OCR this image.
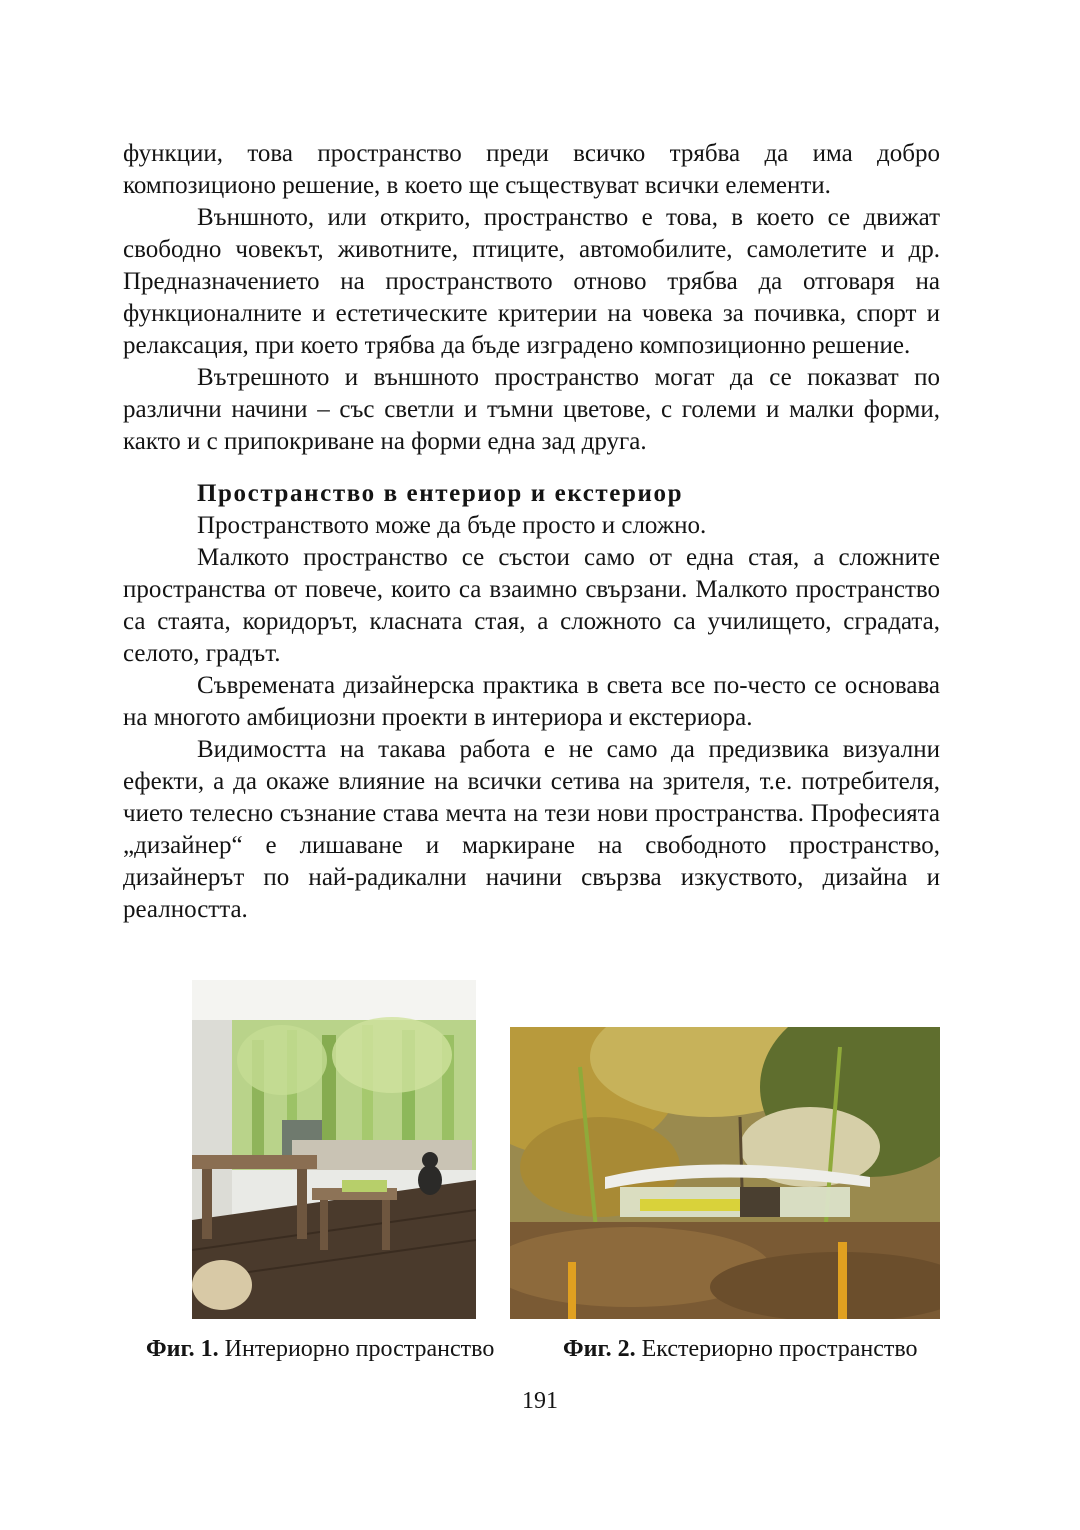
функции, това пространство преди всичко трябва да има добро композиционо решение, в което ще съществуват всички елементи.

Външното, или открито, пространство е това, в което се движат свободно човекът, животните, птиците, автомобилите, самолетите и др. Предназначението на пространството отново трябва да отговаря на функционалните и естетическите критерии на човека за почивка, спорт и релаксация, при което трябва да бъде изградено композиционно решение.

Вътрешното и външното пространство могат да се показват по различни начини – със светли и тъмни цветове, с големи и малки форми, както и с припокриване на форми една зад друга.

Пространство в ентериор и екстериор

Пространството може да бъде просто и сложно.

Малкото пространство се състои само от една стая, а сложните пространства от повече, които са взаимно свързани. Малкото пространство са стаята, коридорът, класната стая, а сложното са училището, сградата, селото, градът.

Съвремената дизайнерска практика в света все по-често се основава на многото амбициозни проекти в интериора и екстериора.

Видимостта на такава работа е не само да предизвика визуални ефекти, а да окаже влияние на всички сетива на зрителя, т.е. потребителя, чието телесно съзнание става мечта на тези нови пространства. Професията „дизайнер“ е лишаване и маркиране на свободното пространство, дизайнерът по най-радикални начини свързва изкуството, дизайна и реалността.

Фиг. 1. Интериорно пространство	Фиг. 2. Екстериорно пространство
191
